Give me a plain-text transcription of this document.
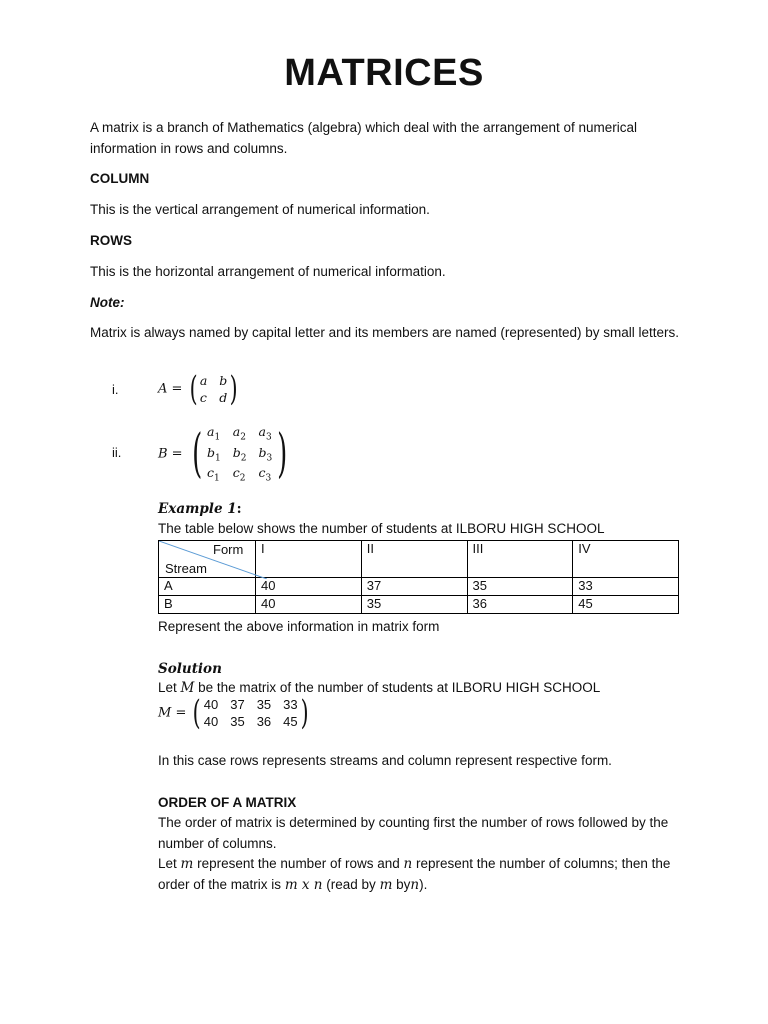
MATRICES
A matrix is a branch of Mathematics (algebra) which deal with the arrangement of numerical information in rows and columns.
COLUMN
This is the vertical arrangement of numerical information.
ROWS
This is the horizontal arrangement of numerical information.
Note:
Matrix is always named by capital letter and its members are named (represented) by small letters.
i.	A = ( a b
c d )
ii.	B = ( $a_1$ $a_2$ $a_3$
$b_1$ $b_2$ $b_3$
$c_1$ $c_2$ $c_3$ )
Example 1:
The table below shows the number of students at ILBORU HIGH SCHOOL
Form
Stream	I	II	III	IV
A	40	37	35	33
B	40	35	36	45
Represent the above information in matrix form
Solution
Let M be the matrix of the number of students at ILBORU HIGH SCHOOL
M = ( 40 37 35 33
40 35 36 45 )
In this case rows represents streams and column represent respective form.
ORDER OF A MATRIX
The order of matrix is determined by counting first the number of rows followed by the number of columns.
Let m represent the number of rows and n represent the number of columns; then the order of the matrix is m x n (read by m byn).
